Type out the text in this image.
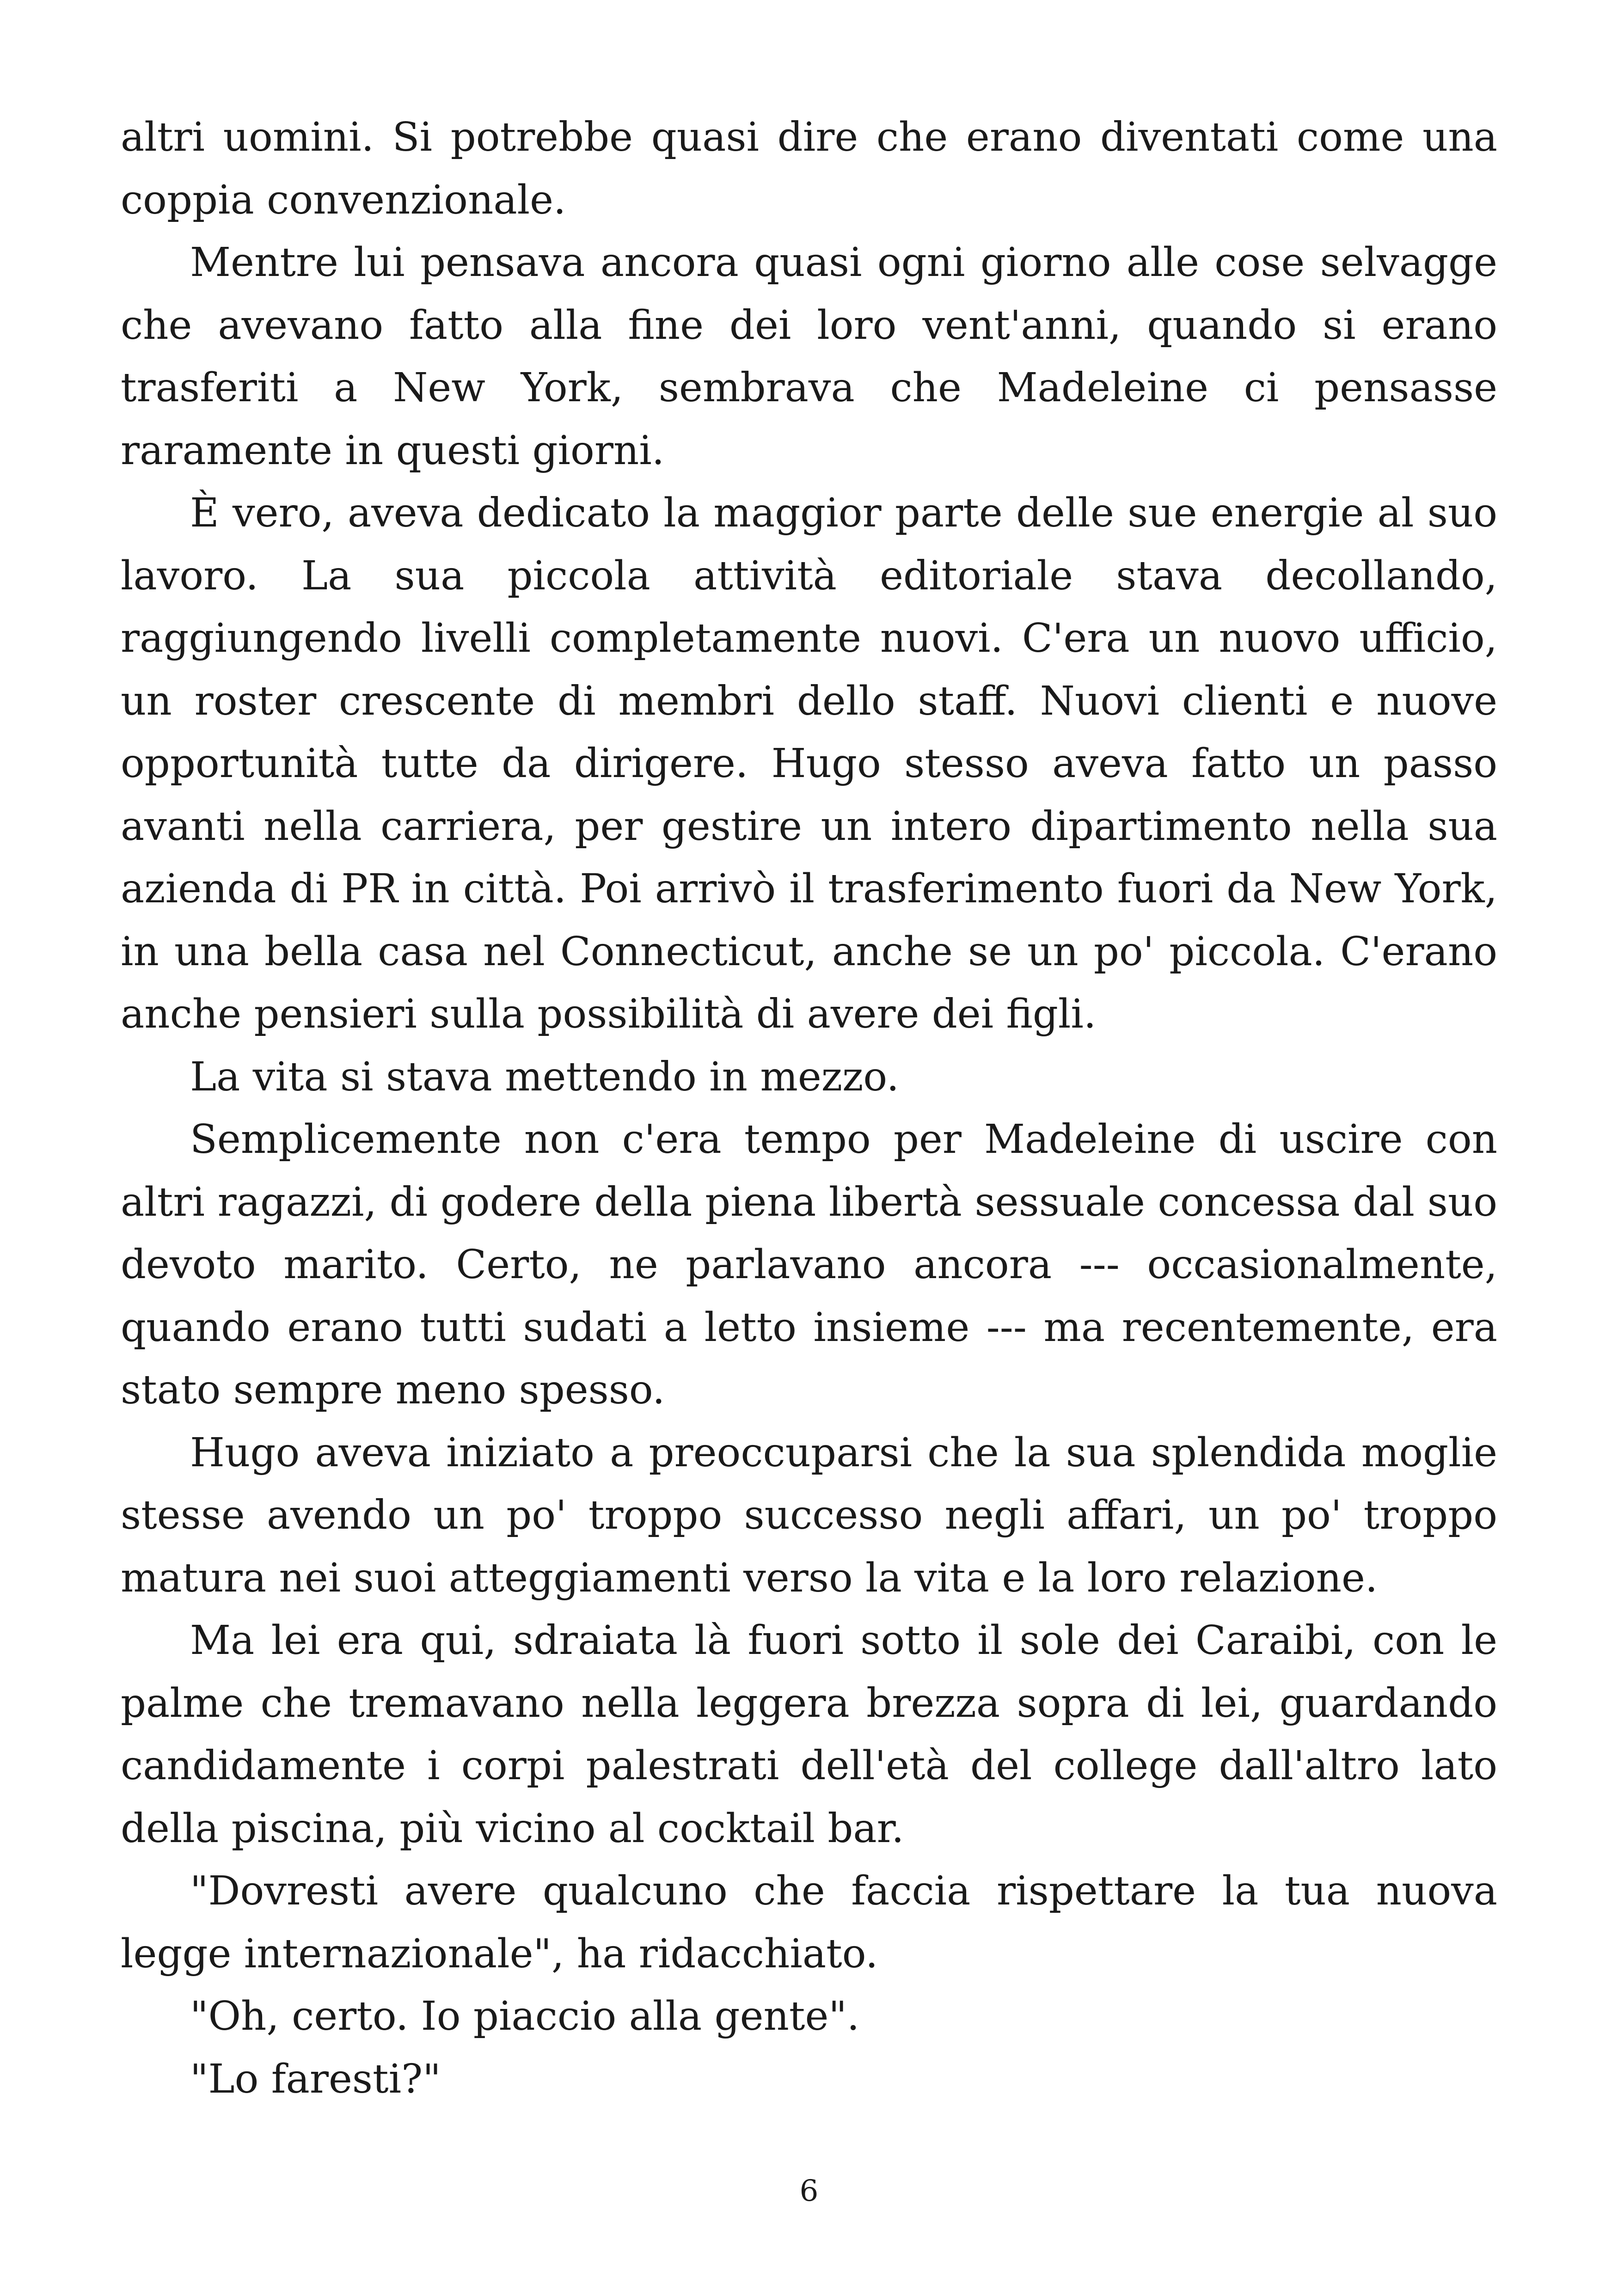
altri uomini. Si potrebbe quasi dire che erano diventati come una coppia convenzionale.

Mentre lui pensava ancora quasi ogni giorno alle cose selvagge che avevano fatto alla fine dei loro vent'anni, quando si erano trasferiti a New York, sembrava che Madeleine ci pensasse raramente in questi giorni.

È vero, aveva dedicato la maggior parte delle sue energie al suo lavoro. La sua piccola attività editoriale stava decollando, raggiungendo livelli completamente nuovi. C'era un nuovo ufficio, un roster crescente di membri dello staff. Nuovi clienti e nuove opportunità tutte da dirigere. Hugo stesso aveva fatto un passo avanti nella carriera, per gestire un intero dipartimento nella sua azienda di PR in città. Poi arrivò il trasferimento fuori da New York, in una bella casa nel Connecticut, anche se un po' piccola. C'erano anche pensieri sulla possibilità di avere dei figli.

La vita si stava mettendo in mezzo.

Semplicemente non c'era tempo per Madeleine di uscire con altri ragazzi, di godere della piena libertà sessuale concessa dal suo devoto marito. Certo, ne parlavano ancora --- occasionalmente, quando erano tutti sudati a letto insieme --- ma recentemente, era stato sempre meno spesso.

Hugo aveva iniziato a preoccuparsi che la sua splendida moglie stesse avendo un po' troppo successo negli affari, un po' troppo matura nei suoi atteggiamenti verso la vita e la loro relazione.

Ma lei era qui, sdraiata là fuori sotto il sole dei Caraibi, con le palme che tremavano nella leggera brezza sopra di lei, guardando candidamente i corpi palestrati dell'età del college dall'altro lato della piscina, più vicino al cocktail bar.

"Dovresti avere qualcuno che faccia rispettare la tua nuova legge internazionale", ha ridacchiato.

"Oh, certo. Io piaccio alla gente".

"Lo faresti?"

6
